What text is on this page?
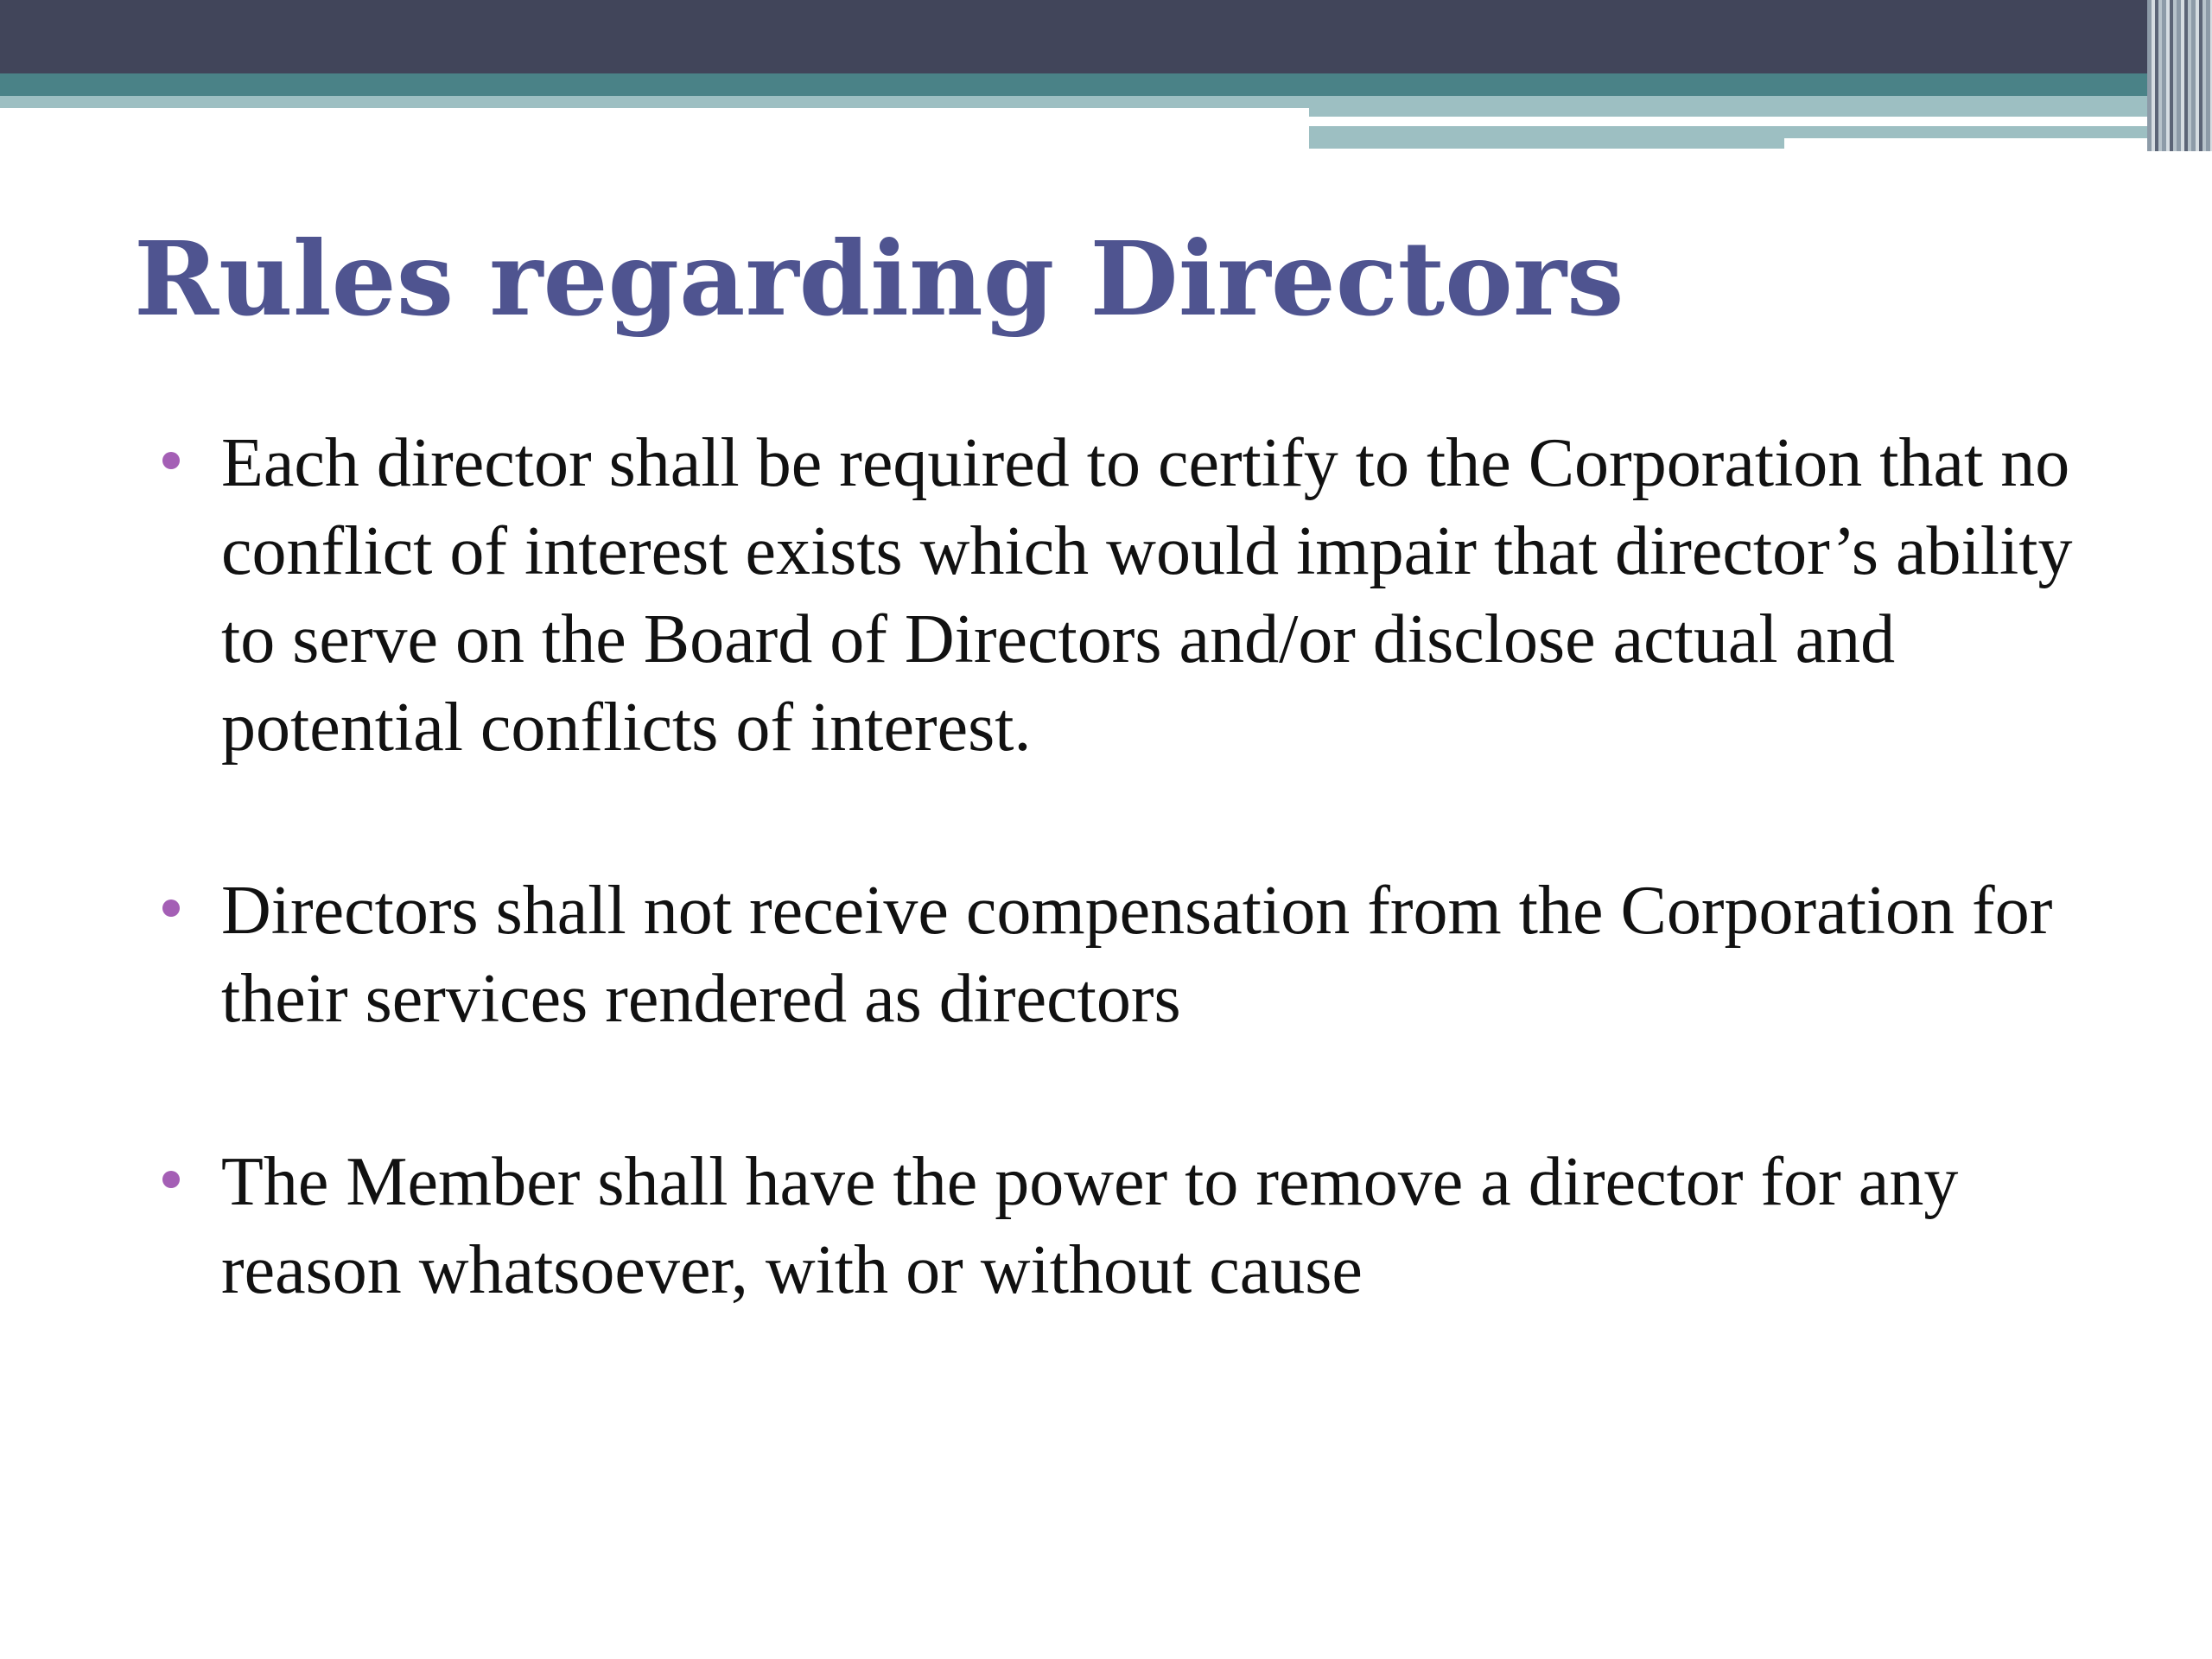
Rules regarding Directors
Each director shall be required to certify to the Corporation that no conflict of interest exists which would impair that director’s ability to serve on the Board of Directors and/or disclose actual and potential conflicts of interest.
Directors shall not receive compensation from the Corporation for their services rendered as directors
The Member shall have the power to remove a director for any reason whatsoever, with or without cause
